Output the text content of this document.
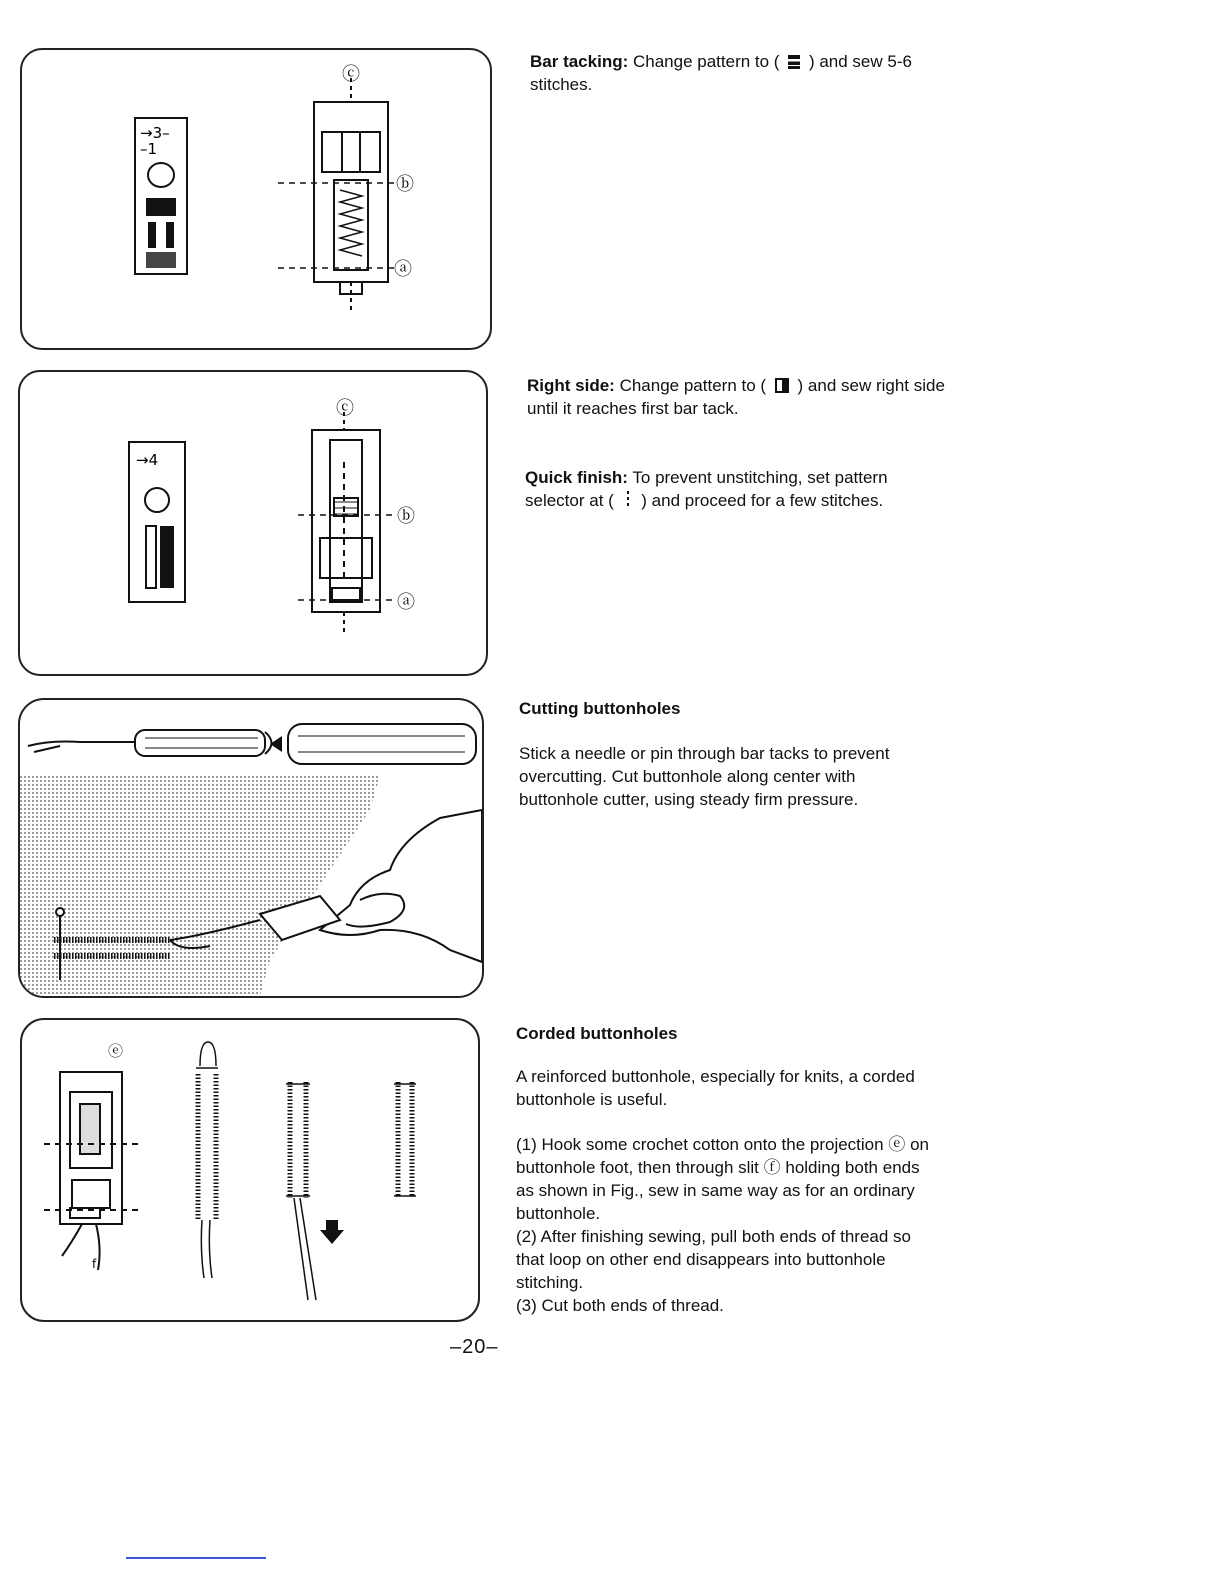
→3–
–1
ⓒ
ⓑ
ⓐ

Bar tacking: Change pattern to ( ) and sew 5-6 stitches.

→4
ⓒ
ⓑ
ⓐ

Right side: Change pattern to ( ) and sew right side until it reaches first bar tack.

Quick finish: To prevent unstitching, set pattern selector at ( ) and proceed for a few stitches.

Cutting buttonholes

Stick a needle or pin through bar tacks to prevent overcutting. Cut buttonhole along center with buttonhole cutter, using steady firm pressure.

ⓔ
f

Corded buttonholes

A reinforced buttonhole, especially for knits, a corded buttonhole is useful.

(1) Hook some crochet cotton onto the projection ⓔ on buttonhole foot, then through slit ⓕ holding both ends as shown in Fig., sew in same way as for an ordinary buttonhole.

(2) After finishing sewing, pull both ends of thread so that loop on other end disappears into buttonhole stitching.

(3) Cut both ends of thread.

–20–
